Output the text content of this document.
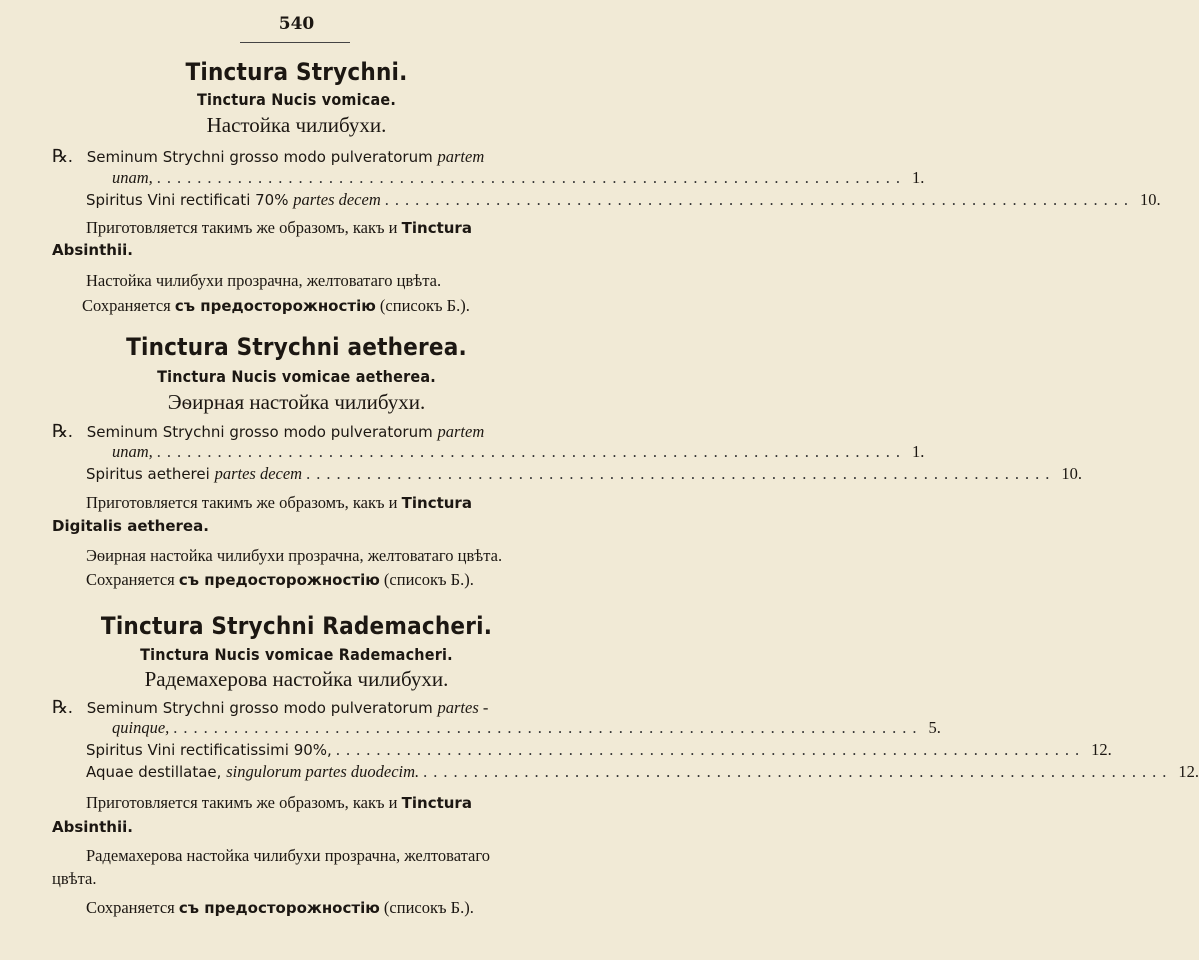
540
Tinctura Strychni.
Tinctura Nucis vomicae.
Настойка чилибухи.
℞. Seminum Strychni grosso modo pulveratorum partem
unam, .......................................................................... 1.
Spiritus Vini rectificati 70% partes decem .......................................................................... 10.
Приготовляется такимъ же образомъ, какъ и Tinctura
Absinthii.
Настойка чилибухи прозрачна, желтоватаго цвѣта.
Сохраняется съ предосторожностію (списокъ Б.).
Tinctura Strychni aetherea.
Tinctura Nucis vomicae aetherea.
Эѳирная настойка чилибухи.
℞. Seminum Strychni grosso modo pulveratorum partem
unam, .......................................................................... 1.
Spiritus aetherei partes decem .......................................................................... 10.
Приготовляется такимъ же образомъ, какъ и Tinctura
Digitalis aetherea.
Эѳирная настойка чилибухи прозрачна, желтоватаго цвѣта.
Сохраняется съ предосторожностію (списокъ Б.).
Tinctura Strychni Rademacheri.
Tinctura Nucis vomicae Rademacheri.
Радемахерова настойка чилибухи.
℞. Seminum Strychni grosso modo pulveratorum partes -
quinque, .......................................................................... 5.
Spiritus Vini rectificatissimi 90%, .......................................................................... 12.
Aquae destillatae, singulorum partes duodecim. .......................................................................... 12.
Приготовляется такимъ же образомъ, какъ и Tinctura
Absinthii.
Радемахерова настойка чилибухи прозрачна, желтоватаго
цвѣта.
Сохраняется съ предосторожностію (списокъ Б.).
